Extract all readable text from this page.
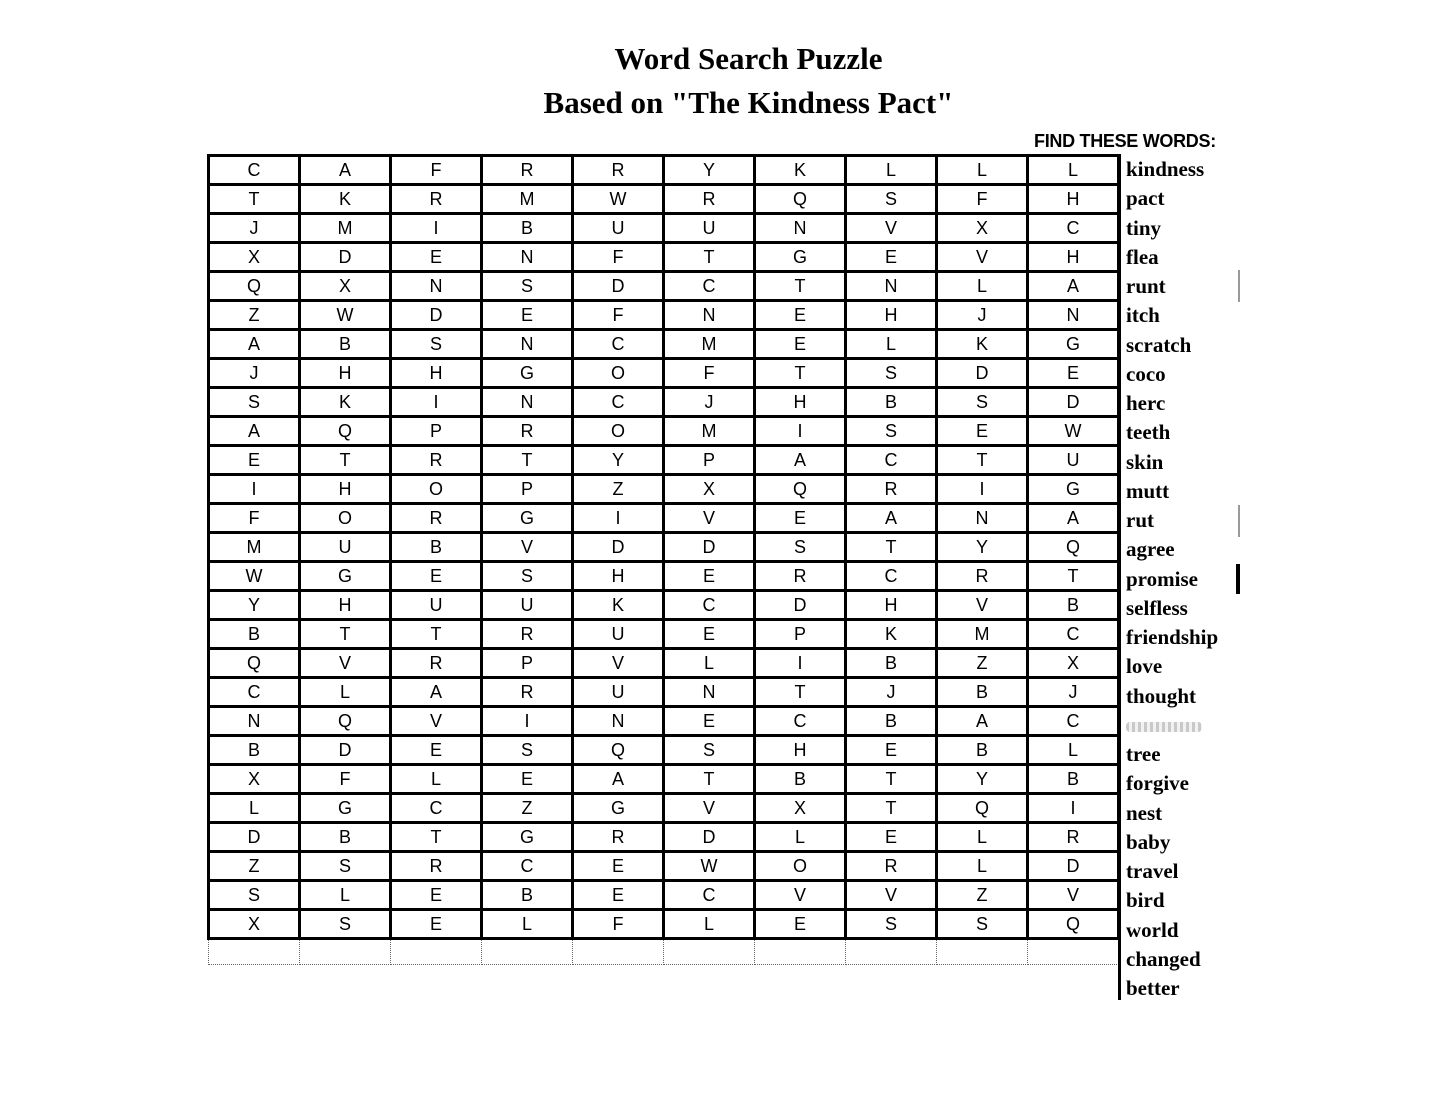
Word Search Puzzle
Based on "The Kindness Pact"
FIND THESE WORDS:
C	A	F	R	R	Y	K	L	L	L
T	K	R	M	W	R	Q	S	F	H
J	M	I	B	U	U	N	V	X	C
X	D	E	N	F	T	G	E	V	H
Q	X	N	S	D	C	T	N	L	A
Z	W	D	E	F	N	E	H	J	N
A	B	S	N	C	M	E	L	K	G
J	H	H	G	O	F	T	S	D	E
S	K	I	N	C	J	H	B	S	D
A	Q	P	R	O	M	I	S	E	W
E	T	R	T	Y	P	A	C	T	U
I	H	O	P	Z	X	Q	R	I	G
F	O	R	G	I	V	E	A	N	A
M	U	B	V	D	D	S	T	Y	Q
W	G	E	S	H	E	R	C	R	T
Y	H	U	U	K	C	D	H	V	B
B	T	T	R	U	E	P	K	M	C
Q	V	R	P	V	L	I	B	Z	X
C	L	A	R	U	N	T	J	B	J
N	Q	V	I	N	E	C	B	A	C
B	D	E	S	Q	S	H	E	B	L
X	F	L	E	A	T	B	T	Y	B
L	G	C	Z	G	V	X	T	Q	I
D	B	T	G	R	D	L	E	L	R
Z	S	R	C	E	W	O	R	L	D
S	L	E	B	E	C	V	V	Z	V
X	S	E	L	F	L	E	S	S	Q

kindness
pact
tiny
flea
runt
itch
scratch
coco
herc
teeth
skin
mutt
rut
agree
promise
selfless
friendship
love
thought
tree
forgive
nest
baby
travel
bird
world
changed
better
